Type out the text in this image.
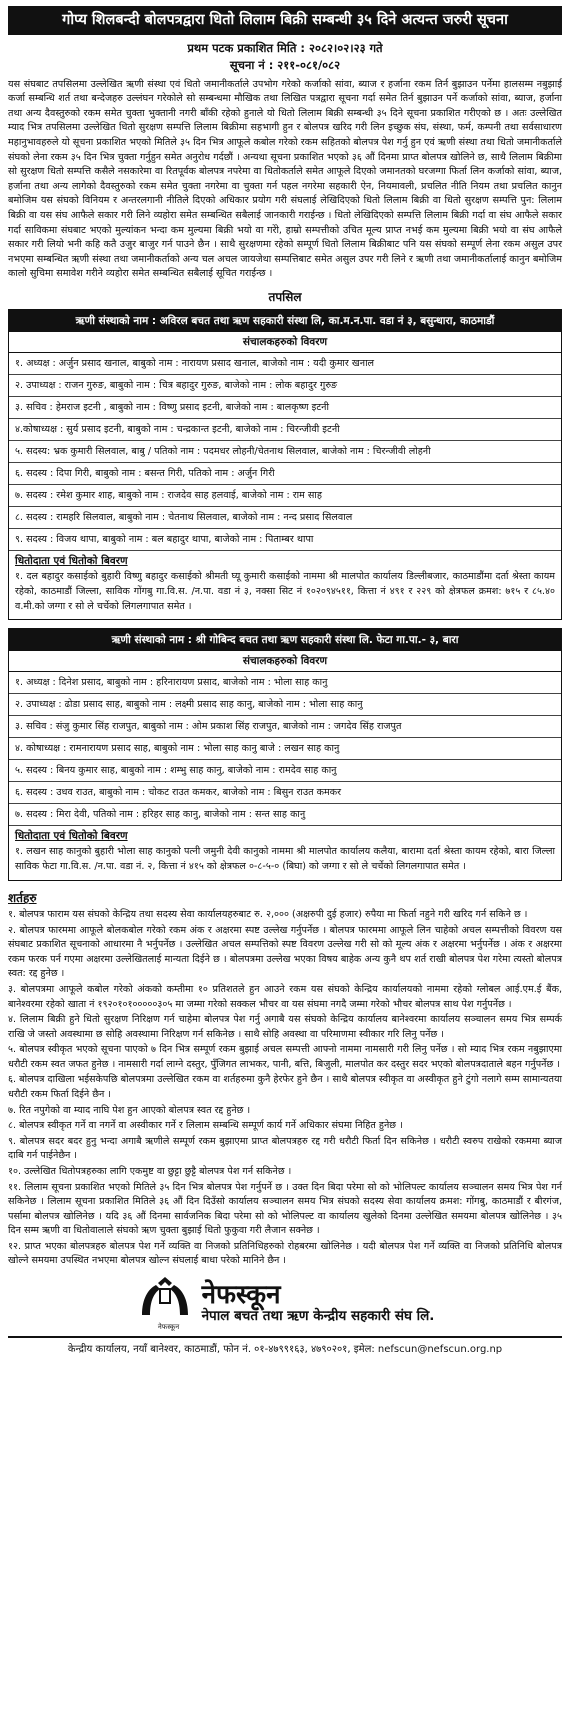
गोप्य शिलबन्दी बोलपत्रद्वारा धितो लिलाम बिक्री सम्बन्धी ३५ दिने अत्यन्त जरुरी सूचना
प्रथम पटक प्रकाशित मिति : २०८२।०२।२३ गते
सूचना नं : २११-०८१/०८२
यस संघबाट तपसिलमा उल्लेखित ऋणी संस्था एवं धितो जमानीकर्ताले उपभोग गरेको कर्जाको सांवा, ब्याज र हर्जाना रकम तिर्न बुझाउन पर्नेमा हालसम्म नबुझाई कर्जा सम्बन्धि शर्त तथा बन्देजहरु उल्लंघन गरेकोले सो सम्बन्धमा मौखिक तथा लिखित पत्रद्वारा सूचना गर्दा समेत तिर्न बुझाउन पर्ने कर्जाको सांवा, ब्याज, हर्जाना तथा अन्य दैवस्तुरुको रकम समेत चुक्ता भुक्तानी नगरी बाँकी रहेको हुनाले यो धितो लिलाम बिक्री सम्बन्धी ३५ दिने सूचना प्रकाशित गरीएको छ । अतः उल्लेखित म्याद भित्र तपसिलमा उल्लेखित धितो सुरक्षण सम्पत्ति लिलाम बिक्रीमा सहभागी हुन र बोलपत्र खरिद गरी लिन इच्छुक संघ, संस्था, फर्म, कम्पनी तथा सर्वसाधारण महानुभावहरुले यो सूचना प्रकाशित भएको मितिले ३५ दिन भित्र आफूले कबोल गरेको रकम सहितको बोलपत्र पेश गर्नु हुन एवं ऋणी संस्था तथा धितो जमानीकर्ताले संघको लेना रकम ३५ दिन भित्र चुक्ता गर्नुहुन समेत अनुरोध गर्दछौं । अन्यथा सूचना प्रकाशित भएको ३६ औं दिनमा प्राप्त बोलपत्र खोलिने छ, साथै लिलाम बिक्रीमा सो सुरक्षण धितो सम्पत्ति कसैले नसकारेमा वा रितपूर्वक बोलपत्र नपरेमा वा धितोकर्ताले समेत आफूले दिएको जमानतको घरजग्गा फिर्ता लिन कर्जाको सांवा, ब्याज, हर्जाना तथा अन्य लागेको दैवस्तुरुको रकम समेत चुक्ता नगरेमा वा चुक्ता गर्न पहल नगरेमा सहकारी ऐन, नियमावली, प्रचलित नीति नियम तथा प्रचलित कानुन बमोजिम यस संघको विनियम र अन्तरलगानी नीतिले दिएको अधिकार प्रयोग गरी संघलाई लेखिदिएको धितो लिलाम बिक्री वा धितो सुरक्षण सम्पत्ति पुन: लिलाम बिक्री वा यस संघ आफैले सकार गरी लिने व्यहोरा समेत सम्बन्धित सबैलाई जानकारी गराईन्छ । धितो लेखिदिएको सम्पत्ति लिलाम बिक्री गर्दा वा संघ आफैले सकार गर्दा साविकमा संघबाट भएको मुल्यांकन भन्दा कम मुल्यमा बिक्री भयो वा गरेो, हाम्रो सम्पत्तीको उचित मूल्य प्राप्त नभई कम मुल्यमा बिक्री भयो वा संघ आफैले सकार गरी लियो भनी कहि कतै उजुर बाजुर गर्न पाउने छैन । साथै सुरक्षणमा रहेको सम्पूर्ण धितो लिलाम बिक्रीबाट पनि यस संघको सम्पूर्ण लेना रकम असुल उपर नभएमा सम्बन्धित ऋणी संस्था तथा जमानीकर्ताको अन्य चल अचल जायजेथा सम्पत्तिबाट समेत असुल उपर गरी लिने र ऋणी तथा जमानीकर्तालाई कानुन बमोजिम कालो सुचिमा समावेश गरीने व्यहोरा समेत सम्बन्धित सबैलाई सूचित गराईन्छ ।
तपसिल
ऋणी संस्थाको नाम : अविरल बचत तथा ऋण सहकारी संस्था लि, का.म.न.पा. वडा नं ३, बसुन्धारा, काठमाडौं
संचालकहरुको विवरण
१. अध्यक्ष : अर्जुन प्रसाद खनाल, बाबुको नाम : नारायण प्रसाद खनाल, बाजेको नाम : यदी कुमार खनाल
२. उपाध्यक्ष : राजन गुरुङ, बाबुको नाम : चित्र बहादुर गुरुङ, बाजेको नाम : लोक बहादुर गुरुङ
३. सचिव : हेमराज इटनी , बाबुको नाम : विष्णु प्रसाद इटनी, बाजेको नाम : बालकृष्ण इटनी
४.कोषाध्यक्ष : सुर्य प्रसाद इटनी, बाबुको नाम : चन्द्रकान्त इटनी, बाजेको नाम : चिरन्जीवी इटनी
५. सदस्य: भ्रक कुमारी सिलवाल, बाबु / पतिको नाम : पदमधर लोहनी/चेतनाथ सिलवाल, बाजेको नाम : चिरन्जीवी लोहनी
६. सदस्य : दिपा गिरी, बाबुको नाम : बसन्त गिरी, पतिको नाम : अर्जुन गिरी
७. सदस्य : रमेश कुमार शाह, बाबुको नाम : राजदेव साह हलवाई, बाजेको नाम : राम साह
८. सदस्य : रामहरि सिलवाल, बाबुको नाम : चेतनाथ सिलवाल, बाजेको नाम : नन्द प्रसाद सिलवाल
९. सदस्य : विजय थापा, बाबुको नाम : बल बहादुर थापा, बाजेको नाम : पिताम्बर थापा
धितोदाता एवं धितोको बिवरण
१. दल बहादुर कसाईको बुहारी विष्णु बहादुर कसाईको श्रीमती घ्यू कुमारी कसाईको नाममा श्री मालपोत कार्यालय डिल्लीबजार, काठमाडौंमा दर्ता श्रेस्ता कायम रहेको, काठमाडौं जिल्ला, साविक गोंगबु गा.वि.स. /न.पा. वडा नं ३, नक्सा सिट नं १०२०९४५११, कित्ता नं ४९१ र २२९ को क्षेत्रफल क्रमश: ७१५ र ८५.४० व.मी.को जग्गा र सो ले चर्चेको लिगलगापात समेत ।
ऋणी संस्थाको नाम : श्री गोबिन्द बचत तथा ऋण सहकारी संस्था लि. फेटा गा.पा.- ३, बारा
संचालकहरुको विवरण
१. अध्यक्ष : दिनेश प्रसाद, बाबुको नाम : हरिनारायण प्रसाद, बाजेको नाम : भोला साह कानु
२. उपाध्यक्ष : ढोडा प्रसाद साह, बाबुको नाम : लक्ष्मी प्रसाद साह कानु, बाजेको नाम : भोला साह कानु
३. सचिव : संजु कुमार सिंह राजपुत, बाबुको नाम : ओम प्रकाश सिंह राजपुत, बाजेको नाम : जगदेव सिंह राजपुत
४. कोषाध्यक्ष : रामनारायण प्रसाद साह, बाबुको नाम : भोला साह कानु बाजे : लखन साह कानु
५. सदस्य : बिनय कुमार साह, बाबुको नाम : शम्भु साह कानु, बाजेको नाम : रामदेव साह कानु
६. सदस्य : उधव राउत, बाबुको नाम : चोकट राउत कमकर, बाजेको नाम : बिसुन राउत कमकर
७. सदस्य : मिरा देवी, पतिको नाम : हरिहर साह कानु, बाजेको नाम : सन्त साह कानु
धितोदाता एवं धितोको बिवरण
१. लखन साह कानुको बुहारी भोला साह कानुको पत्नी जमुनी देवी कानुको नाममा श्री मालपोत कार्यालय कलैया, बारामा दर्ता श्रेस्ता कायम रहेको, बारा जिल्ला साविक फेटा गा.वि.स. /न.पा. वडा नं. २, कित्ता नं ४१५ को क्षेत्रफल ०-८-५-० (बिघा) को जग्गा र सो ले चर्चेको लिगलगापात समेत ।
शर्तहरु
१. बोलपत्र फाराम यस संघको केन्द्रिय तथा सदस्य सेवा कार्यालयहरुबाट रु. २,००० (अक्षरुपी दुई हजार) रुपैया मा फिर्ता नहुने गरी खरिद गर्न सकिने छ ।
२. बोलपत्र फारममा आफूले बोलकबोल गरेको रकम अंक र अक्षरमा स्पष्ट उल्लेख गर्नुपर्नेछ । बोलपत्र फारममा आफूले लिन चाहेको अचल सम्पत्तीको विवरण यस संघबाट प्रकाशित सूचनाको आधारमा नै भर्नुपर्नेछ । उल्लेखित अचल सम्पत्तिको स्पष्ट विवरण उल्लेख गरी सो को मूल्य अंक र अक्षरमा भर्नुपर्नेछ । अंक र अक्षरमा रकम फरक पर्न गएमा अक्षरमा उल्लेखितलाई मान्यता दिईने छ । बोलपत्रमा उल्लेख भएका विषय बाहेक अन्य कुनै थप शर्त राखी बोलपत्र पेश गरेमा त्यस्तो बोलपत्र स्वत: रद्द हुनेछ ।
३. बोलपत्रमा आफूले कबोल गरेको अंकको कम्तीमा १० प्रतिशतले हुन आउने रकम यस संघको केन्द्रिय कार्यालयको नाममा रहेको ग्लोबल आई.एम.ई बैंक, बानेश्वरमा रहेको खाता नं १९२०१०१०००००३०५ मा जम्मा गरेको सक्कल भौचर वा यस संघमा नगदै जम्मा गरेको भौचर बोलपत्र साथ पेश गर्नुपर्नेछ ।
४. लिलाम बिक्री हुने धितो सुरक्षण निरिक्षण गर्न चाहेमा बोलपत्र पेश गर्नु अगाबै यस संघको केन्द्रिय कार्यालय बानेश्वरमा कार्यालय सञ्चालन समय भित्र सम्पर्क राखि जे जस्तो अवस्थामा छ सोहि अवस्थामा निरिक्षण गर्न सकिनेछ । साथै सोहि अवस्था वा परिमाणमा स्वीकार गरि लिनु पर्नेछ ।
५. बोलपत्र स्वीकृत भएको सूचना पाएको ७ दिन भित्र सम्पूर्ण रकम बुझाई अचल सम्पत्ती आफ्नो नाममा नामसारी गरी लिनु पर्नेछ । सो म्याद भित्र रकम नबुझाएमा धरौटी रकम स्वत जफत हुनेछ । नामसारी गर्दा लाग्ने दस्तुर, पुँजिगत लाभकर, पानी, बत्ति, बिजुली, मालपोत कर दस्तुर सदर भएको बोलपत्रदाताले बहन गर्नुपर्नेछ ।
६. बोलपत्र दाखिला भईसकेपछि बोलपत्रमा उल्लेखित रकम वा शर्तहरुमा कुनै हेरफेर हुने छैन । साथै बोलपत्र स्वीकृत वा अस्वीकृत हुने टुंगो नलागे सम्म सामान्यतया धरौटी रकम फिर्ता दिईने छैन ।
७. रित नपुगेको वा म्याद नाघि पेश हुन आएको बोलपत्र स्वत रद्द हुनेछ ।
८. बोलपत्र स्वीकृत गर्ने वा नगर्ने वा अस्वीकार गर्ने र लिलाम सम्बन्धि सम्पूर्ण कार्य गर्ने अधिकार संघमा निहित हुनेछ ।
९. बोलपत्र सदर बदर हुनु भन्दा अगाबै ऋणीले सम्पूर्ण रकम बुझाएमा प्राप्त बोलपत्रहरु रद्द गरी धरौटी फिर्ता दिन सकिनेछ । धरौटी स्वरुप राखेको रकममा ब्याज दाबि गर्न पाईनेछैन ।
१०. उल्लेखित धितोपत्रहरुका लागि एकमुष्ट वा छुट्टा छुट्टै बोलपत्र पेश गर्न सकिनेछ ।
११. लिलाम सूचना प्रकाशित भएको मितिले ३५ दिन भित्र बोलपत्र पेश गर्नुपर्ने छ । उक्त दिन बिदा परेमा सो को भोलिपल्ट कार्यालय सञ्चालन समय भित्र पेश गर्न सकिनेछ । लिलाम सूचना प्रकाशित मितिले ३६ औं दिन दिउँसो कार्यालय सञ्चालन समय भित्र संघको सदस्य सेवा कार्यालय क्रमश: गोंगबु, काठमाडौं र बीरगंज, पर्सामा बोलपत्र खोलिनेछ । यदि ३६ औं दिनमा सार्वजनिक बिदा परेमा सो को भोलिपल्ट वा कार्यालय खुलेको दिनमा उल्लेखित समयमा बोलपत्र खोलिनेछ । ३५ दिन सम्म ऋणी वा धितोवालाले संघको ऋण चुक्ता बुझाई धितो फुकुवा गरी लैजान सक्नेछ ।
१२. प्राप्त भएका बोलपत्रहरु बोलपत्र पेश गर्ने व्यक्ति वा निजको प्रतिनिधिहरुको रोहबरमा खोलिनेछ । यदी बोलपत्र पेश गर्ने व्यक्ति वा निजको प्रतिनिधि बोलपत्र खोल्ने समयमा उपस्थित नभएमा बोलपत्र खोल्न संघलाई बाधा परेको मानिने छैन ।
नेफस्कून
नेफस्कून
नेपाल बचत तथा ऋण केन्द्रीय सहकारी संघ लि.
केन्द्रीय कार्यालय, नयाँ बानेश्वर, काठमाडौं, फोन नं. ०१-४७९९१६३, ४७९०२०१, इमेल: nefscun@nefscun.org.np
